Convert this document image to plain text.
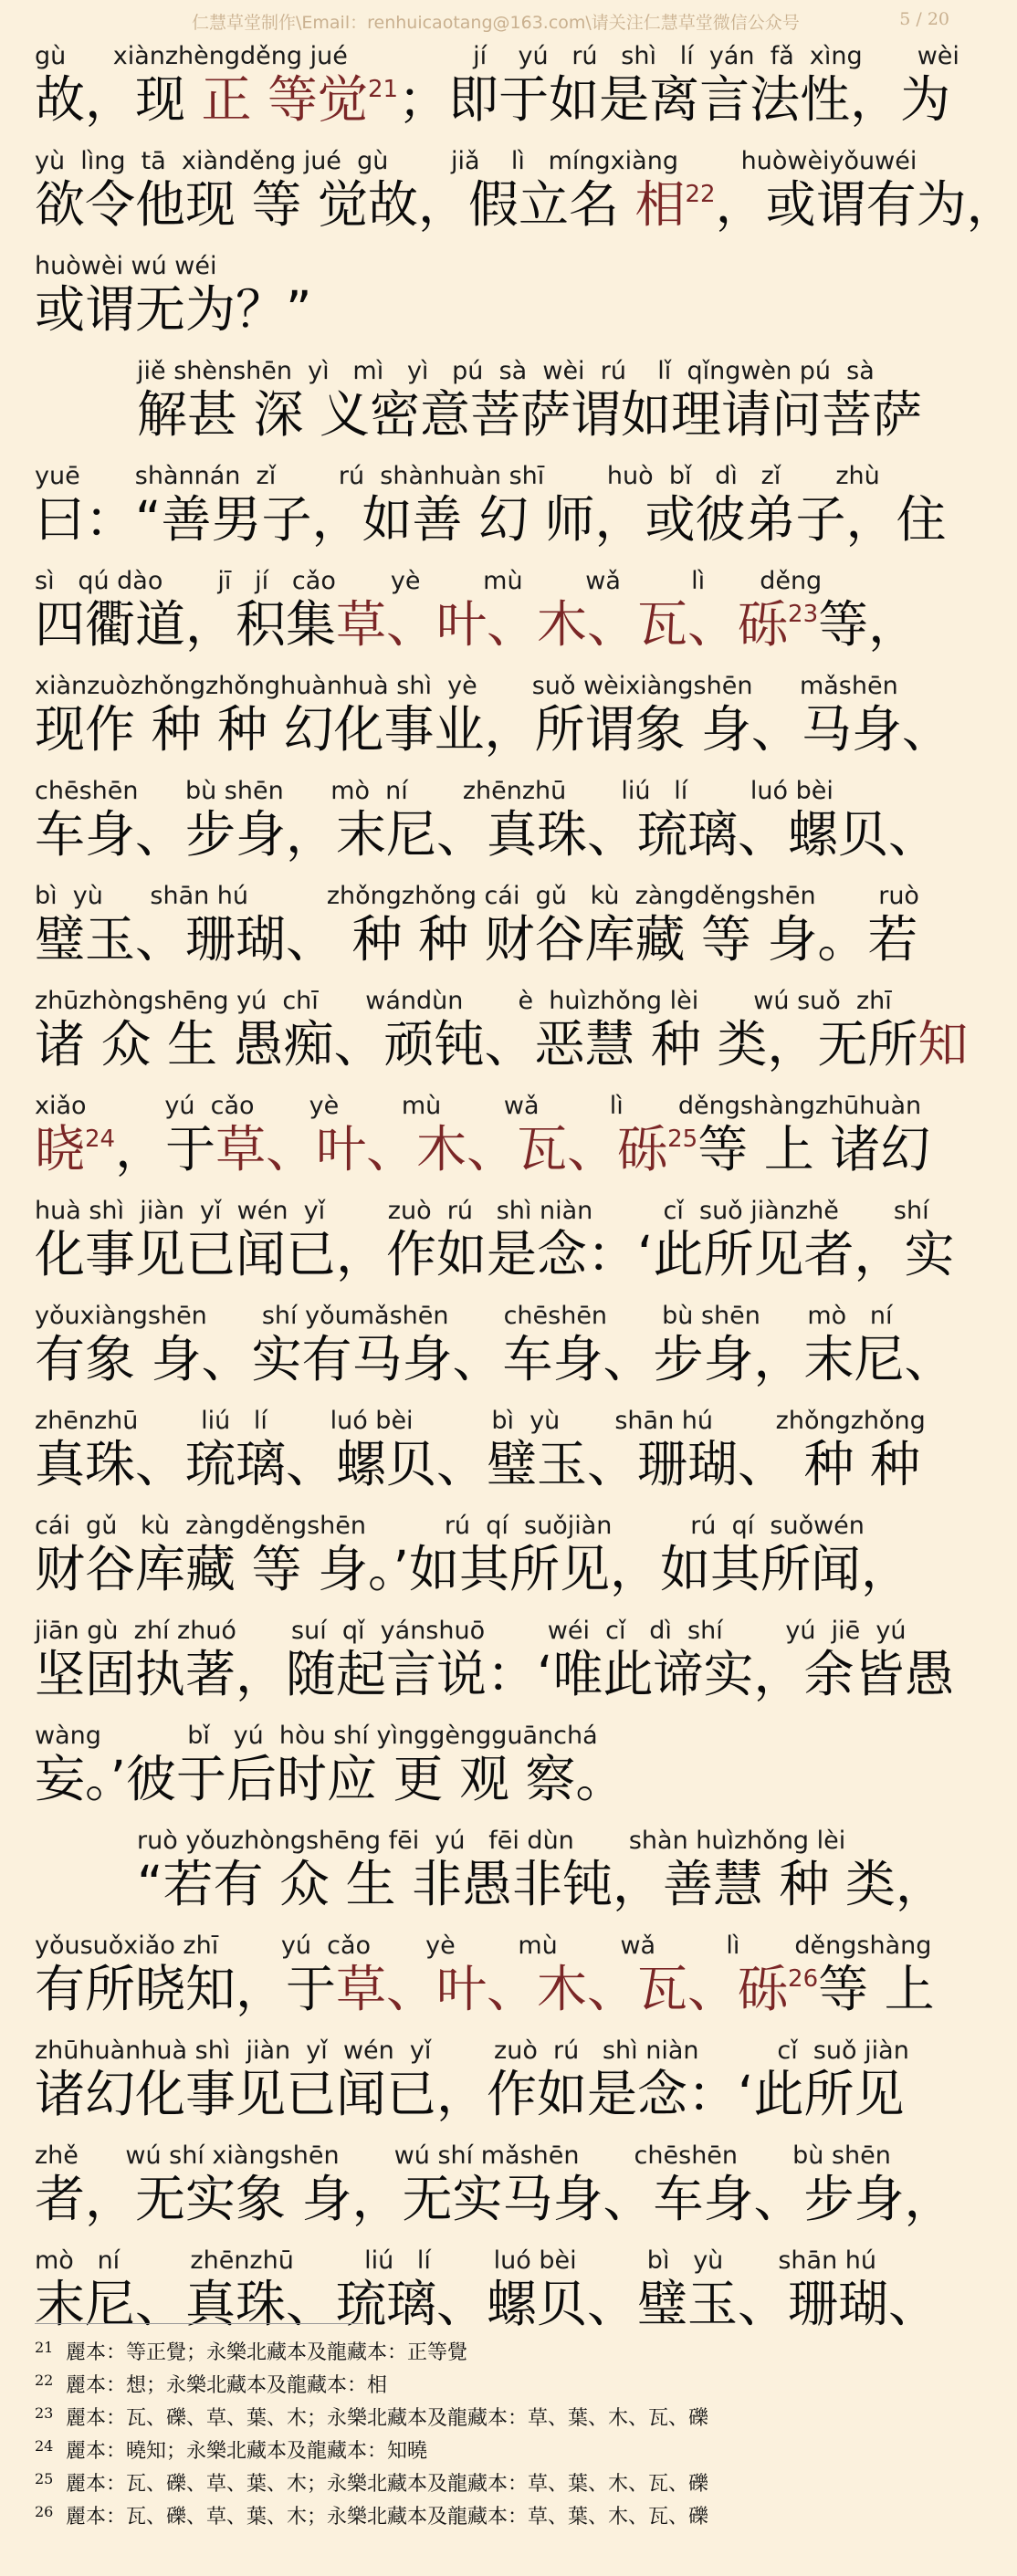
仁慧草堂制作\Email：renhuicaotang@163.com\请关注仁慧草堂微信公众号	5 / 20
gù      xiànzhèngděng jué                jí    yú   rú   shì   lí  yán  fǎ  xìng       wèi
故，现 正 等觉$^{21}$；即于如是离言法性，为
yù  lìng  tā  xiànděng jué  gù        jiǎ    lì   míngxiàng        huòwèiyǒuwéi
欲令他现 等 觉故，假立名 相$^{22}$，或谓有为，
huòwèi wú wéi
或谓无为？”
jiě shènshēn  yì   mì   yì   pú  sà  wèi  rú    lǐ  qǐngwèn pú  sà
解甚 深 义密意菩萨谓如理请问菩萨
yuē       shànnán  zǐ        rú  shànhuàn shī        huò  bǐ   dì   zǐ       zhù
曰：“善男子，如善 幻 师，或彼弟子，住
sì   qú dào       jī   jí   cǎo       yè        mù        wǎ         lì       děng
四衢道，积集草、叶、木、瓦、砾$^{23}$等，
xiànzuòzhǒngzhǒnghuànhuà shì  yè       suǒ wèixiàngshēn      mǎshēn
现作 种 种 幻化事业，所谓象 身、马身、
chēshēn      bù shēn      mò  ní       zhēnzhū       liú   lí        luó bèi
车身、步身，末尼、真珠、琉璃、螺贝、
bì  yù      shān hú          zhǒngzhǒng cái  gǔ   kù  zàngděngshēn        ruò
璧玉、珊瑚、 种 种 财谷库藏 等 身。若
zhūzhòngshēng yú  chī      wándùn       è  huìzhǒng lèi       wú suǒ  zhī
诸 众 生 愚痴、顽钝、恶慧 种 类，无所知
xiǎo          yú  cǎo       yè        mù        wǎ         lì       děngshàngzhūhuàn
晓$^{24}$，于草、叶、木、瓦、砾$^{25}$等 上 诸幻
huà shì  jiàn  yǐ  wén  yǐ        zuò  rú   shì niàn         cǐ  suǒ jiànzhě       shí
化事见已闻已，作如是念：‘此所见者，实
yǒuxiàngshēn       shí yǒumǎshēn       chēshēn       bù shēn      mò   ní
有象 身、实有马身、车身、步身，末尼、
zhēnzhū        liú   lí        luó bèi          bì  yù       shān hú        zhǒngzhǒng
真珠、琉璃、螺贝、璧玉、珊瑚、 种 种
cái  gǔ   kù  zàngděngshēn          rú  qí  suǒjiàn          rú  qí  suǒwén
财谷库藏 等 身。’如其所见，如其所闻，
jiān gù  zhí zhuó       suí  qǐ  yánshuō        wéi  cǐ   dì  shí        yú  jiē  yú
坚固执著，随起言说：‘唯此谛实，余皆愚
wàng           bǐ   yú  hòu shí yìnggèngguānchá
妄。’彼于后时应 更 观 察。
ruò yǒuzhòngshēng fēi  yú   fēi dùn       shàn huìzhǒng lèi
“若有 众 生 非愚非钝，善慧 种 类，
yǒusuǒxiǎo zhī        yú  cǎo       yè        mù        wǎ         lì       děngshàng
有所晓知，于草、叶、木、瓦、砾$^{26}$等 上
zhūhuànhuà shì  jiàn  yǐ  wén  yǐ        zuò  rú   shì niàn          cǐ  suǒ jiàn
诸幻化事见已闻已，作如是念：‘此所见
zhě      wú shí xiàngshēn       wú shí mǎshēn       chēshēn       bù shēn
者，无实象 身，无实马身、车身、步身，
mò   ní         zhēnzhū         liú   lí        luó bèi         bì   yù       shān hú
末尼、真珠、琉璃、螺贝、璧玉、珊瑚、
21 麗本：等正覺；永樂北藏本及龍藏本：正等覺
22 麗本：想；永樂北藏本及龍藏本：相
23 麗本：瓦、礫、草、葉、木；永樂北藏本及龍藏本：草、葉、木、瓦、礫
24 麗本：曉知；永樂北藏本及龍藏本：知曉
25 麗本：瓦、礫、草、葉、木；永樂北藏本及龍藏本：草、葉、木、瓦、礫
26 麗本：瓦、礫、草、葉、木；永樂北藏本及龍藏本：草、葉、木、瓦、礫
